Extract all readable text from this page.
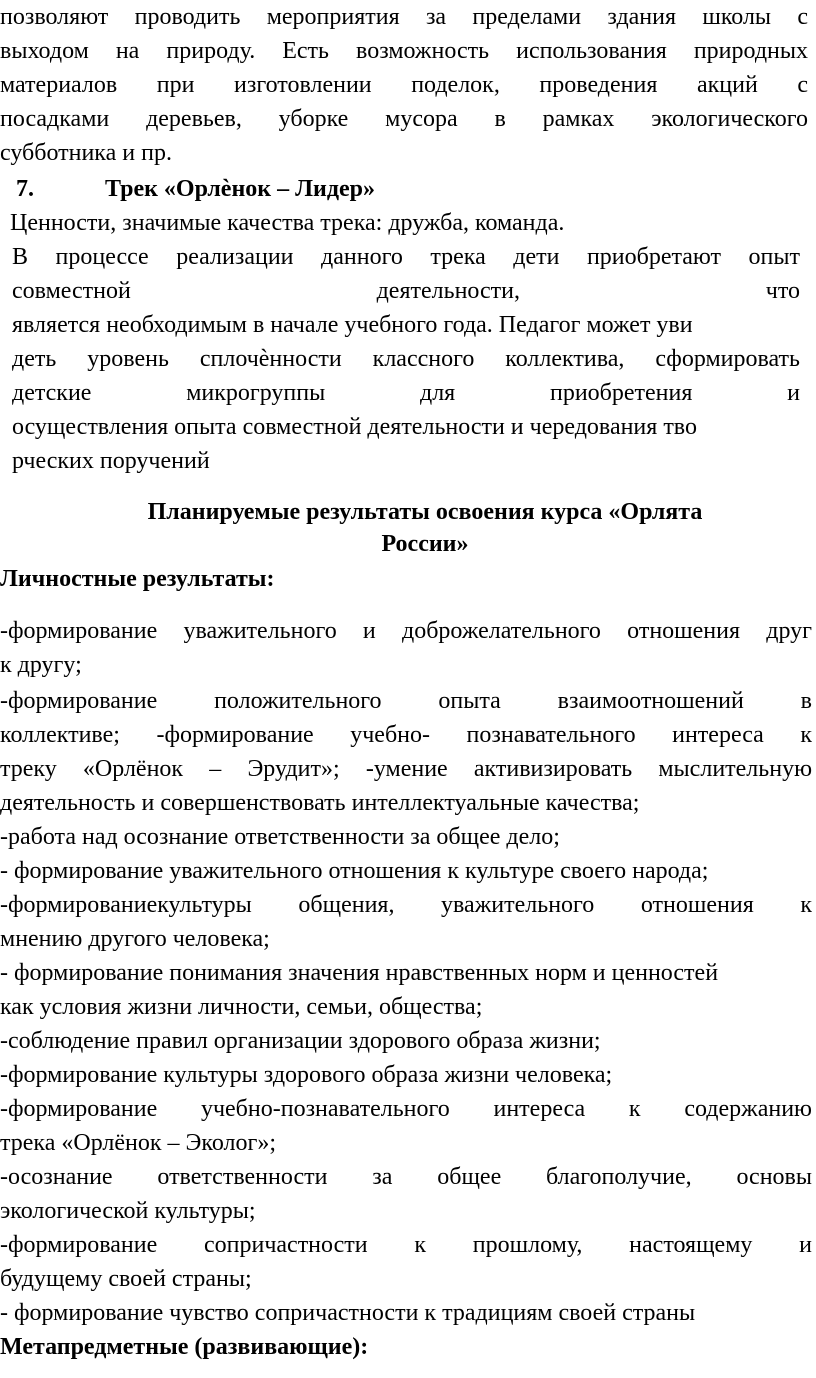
позволяют проводить мероприятия за пределами здания школы с
выходом на природу. Есть возможность использования природных
материалов при изготовлении поделок, проведения акций с
посадками деревьев, уборке мусора в рамках экологического
субботника и пр.
7.	Трек «Орлѐнок – Лидер»
Ценности, значимые качества трека: дружба, команда.
В процессе реализации данного трека дети приобретают опыт
совместной деятельности, что
является необходимым в начале учебного года. Педагог может уви
деть уровень сплочѐнности классного коллектива, сформировать
детские микрогруппы для приобретения и
осуществления опыта совместной деятельности и чередования тво
рческих поручений
Планируемые результаты освоения курса «Орлята
России»
Личностные результаты:
-формирование уважительного и доброжелательного отношения друг
к другу;
-формирование положительного опыта взаимоотношений в
коллективе; -формирование учебно- познавательного интереса к
треку «Орлёнок – Эрудит»; -умение активизировать мыслительную
деятельность и совершенствовать интеллектуальные качества;
-работа над осознание ответственности за общее дело;
- формирование уважительного отношения к культуре своего народа;
-формированиекультуры общения, уважительного отношения к
мнению другого человека;
- формирование понимания значения нравственных норм и ценностей
как условия жизни личности, семьи, общества;
-соблюдение правил организации здорового образа жизни;
-формирование культуры здорового образа жизни человека;
-формирование учебно-познавательного интереса к содержанию
трека «Орлёнок – Эколог»;
-осознание ответственности за общее благополучие, основы
экологической культуры;
-формирование сопричастности к прошлому, настоящему и
будущему своей страны;
- формирование чувство сопричастности к традициям своей страны
Метапредметные (развивающие):
